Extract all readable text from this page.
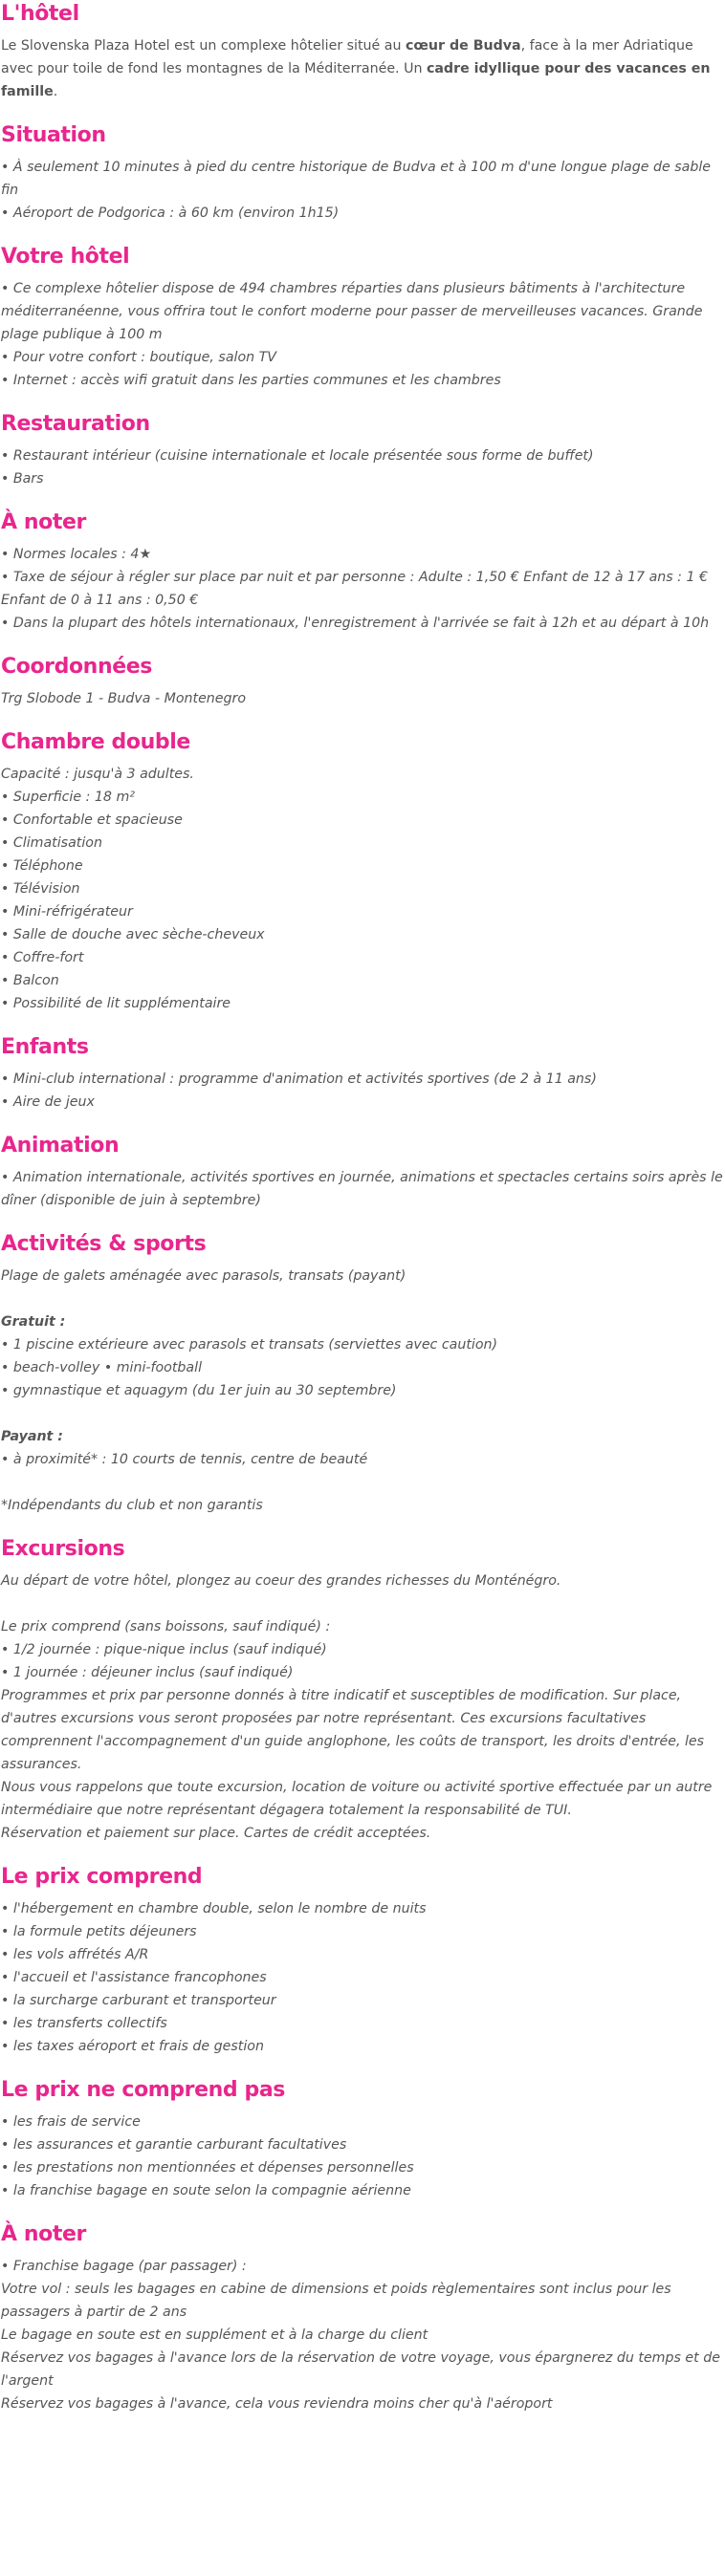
L'hôtel
Le Slovenska Plaza Hotel est un complexe hôtelier situé au cœur de Budva, face à la mer Adriatique avec pour toile de fond les montagnes de la Méditerranée. Un cadre idyllique pour des vacances en famille.
Situation
• À seulement 10 minutes à pied du centre historique de Budva et à 100 m d'une longue plage de sable fin
• Aéroport de Podgorica : à 60 km (environ 1h15)
Votre hôtel
• Ce complexe hôtelier dispose de 494 chambres réparties dans plusieurs bâtiments à l'architecture méditerranéenne, vous offrira tout le confort moderne pour passer de merveilleuses vacances. Grande plage publique à 100 m
• Pour votre confort : boutique, salon TV
• Internet : accès wifi gratuit dans les parties communes et les chambres
Restauration
• Restaurant intérieur (cuisine internationale et locale présentée sous forme de buffet)
• Bars
À noter
• Normes locales : 4★
• Taxe de séjour à régler sur place par nuit et par personne : Adulte : 1,50 € Enfant de 12 à 17 ans : 1 € Enfant de 0 à 11 ans : 0,50 €
• Dans la plupart des hôtels internationaux, l'enregistrement à l'arrivée se fait à 12h et au départ à 10h
Coordonnées
Trg Slobode 1 - Budva - Montenegro
Chambre double
Capacité : jusqu'à 3 adultes.
• Superficie : 18 m²
• Confortable et spacieuse
• Climatisation
• Téléphone
• Télévision
• Mini-réfrigérateur
• Salle de douche avec sèche-cheveux
• Coffre-fort
• Balcon
• Possibilité de lit supplémentaire
Enfants
• Mini-club international : programme d'animation et activités sportives (de 2 à 11 ans)
• Aire de jeux
Animation
• Animation internationale, activités sportives en journée, animations et spectacles certains soirs après le dîner (disponible de juin à septembre)
Activités & sports
Plage de galets aménagée avec parasols, transats (payant)
Gratuit :
• 1 piscine extérieure avec parasols et transats (serviettes avec caution)
• beach-volley • mini-football
• gymnastique et aquagym (du 1er juin au 30 septembre)
Payant :
• à proximité* : 10 courts de tennis, centre de beauté
*Indépendants du club et non garantis
Excursions
Au départ de votre hôtel, plongez au coeur des grandes richesses du Monténégro.
Le prix comprend (sans boissons, sauf indiqué) :
• 1/2 journée : pique-nique inclus (sauf indiqué)
• 1 journée : déjeuner inclus (sauf indiqué)
Programmes et prix par personne donnés à titre indicatif et susceptibles de modification. Sur place, d'autres excursions vous seront proposées par notre représentant. Ces excursions facultatives comprennent l'accompagnement d'un guide anglophone, les coûts de transport, les droits d'entrée, les assurances.
Nous vous rappelons que toute excursion, location de voiture ou activité sportive effectuée par un autre intermédiaire que notre représentant dégagera totalement la responsabilité de TUI.
Réservation et paiement sur place. Cartes de crédit acceptées.
Le prix comprend
• l'hébergement en chambre double, selon le nombre de nuits
• la formule petits déjeuners
• les vols affrétés A/R
• l'accueil et l'assistance francophones
• la surcharge carburant et transporteur
• les transferts collectifs
• les taxes aéroport et frais de gestion
Le prix ne comprend pas
• les frais de service
• les assurances et garantie carburant facultatives
• les prestations non mentionnées et dépenses personnelles
• la franchise bagage en soute selon la compagnie aérienne
À noter
• Franchise bagage (par passager) :
Votre vol : seuls les bagages en cabine de dimensions et poids règlementaires sont inclus pour les passagers à partir de 2 ans
Le bagage en soute est en supplément et à la charge du client
Réservez vos bagages à l'avance lors de la réservation de votre voyage, vous épargnerez du temps et de l'argent
Réservez vos bagages à l'avance, cela vous reviendra moins cher qu'à l'aéroport
